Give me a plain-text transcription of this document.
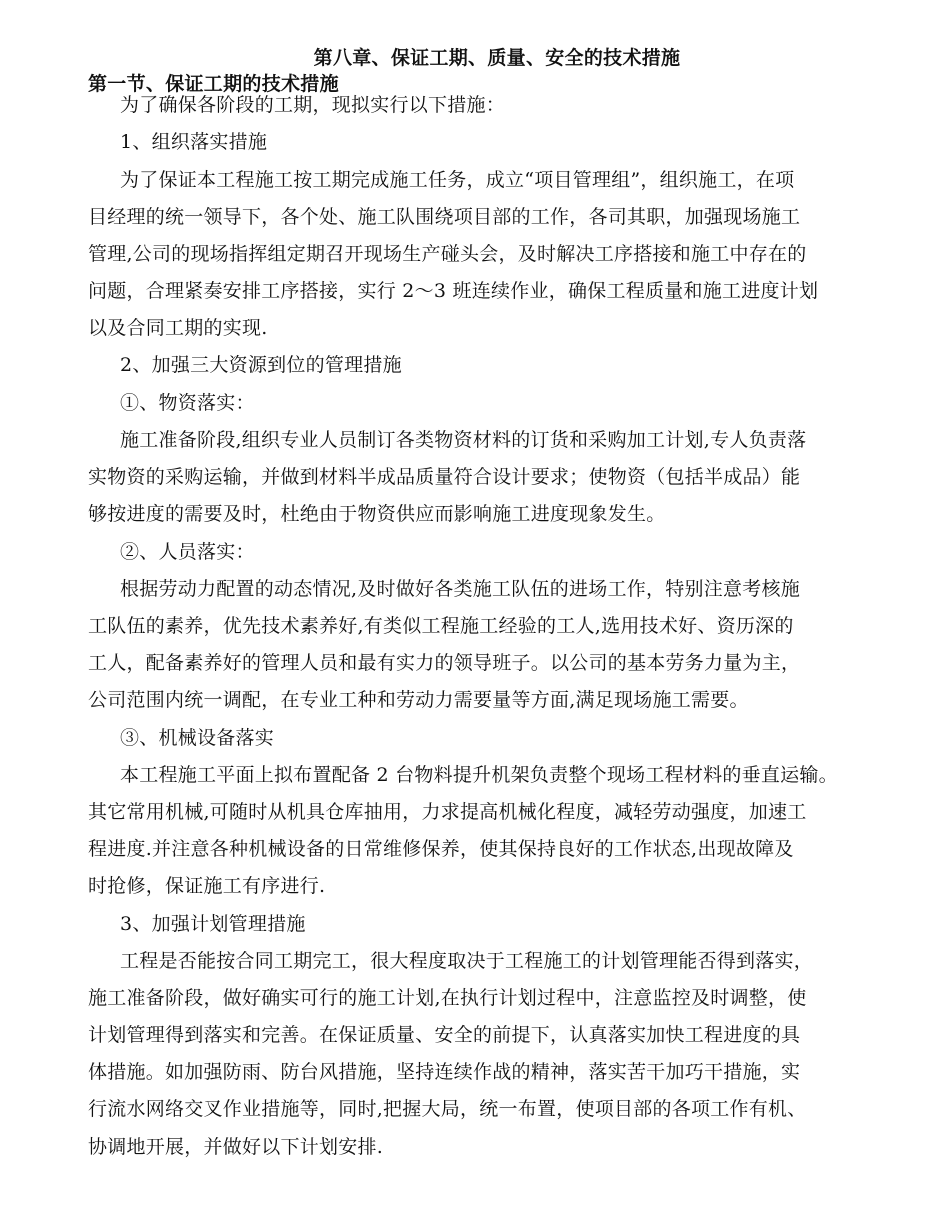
第八章、保证工期、质量、安全的技术措施
第一节、保证工期的技术措施
为了确保各阶段的工期，现拟实行以下措施：
1、组织落实措施
为了保证本工程施工按工期完成施工任务，成立“项目管理组”，组织施工，在项
目经理的统一领导下，各个处、施工队围绕项目部的工作，各司其职，加强现场施工
管理,公司的现场指挥组定期召开现场生产碰头会，及时解决工序搭接和施工中存在的
问题，合理紧奏安排工序搭接，实行 2～3 班连续作业，确保工程质量和施工进度计划
以及合同工期的实现.
2、加强三大资源到位的管理措施
①、物资落实：
施工准备阶段,组织专业人员制订各类物资材料的订货和采购加工计划,专人负责落
实物资的采购运输，并做到材料半成品质量符合设计要求；使物资（包括半成品）能
够按进度的需要及时，杜绝由于物资供应而影响施工进度现象发生。
②、人员落实：
根据劳动力配置的动态情况,及时做好各类施工队伍的进场工作，特别注意考核施
工队伍的素养，优先技术素养好,有类似工程施工经验的工人,选用技术好、资历深的
工人，配备素养好的管理人员和最有实力的领导班子。以公司的基本劳务力量为主，
公司范围内统一调配，在专业工种和劳动力需要量等方面,满足现场施工需要。
③、机械设备落实
本工程施工平面上拟布置配备 2 台物料提升机架负责整个现场工程材料的垂直运输。
其它常用机械,可随时从机具仓库抽用，力求提高机械化程度，减轻劳动强度，加速工
程进度.并注意各种机械设备的日常维修保养，使其保持良好的工作状态,出现故障及
时抢修，保证施工有序进行.
3、加强计划管理措施
工程是否能按合同工期完工，很大程度取决于工程施工的计划管理能否得到落实，
施工准备阶段，做好确实可行的施工计划,在执行计划过程中，注意监控及时调整，使
计划管理得到落实和完善。在保证质量、安全的前提下，认真落实加快工程进度的具
体措施。如加强防雨、防台风措施，坚持连续作战的精神，落实苦干加巧干措施，实
行流水网络交叉作业措施等，同时,把握大局，统一布置，使项目部的各项工作有机、
协调地开展，并做好以下计划安排.
